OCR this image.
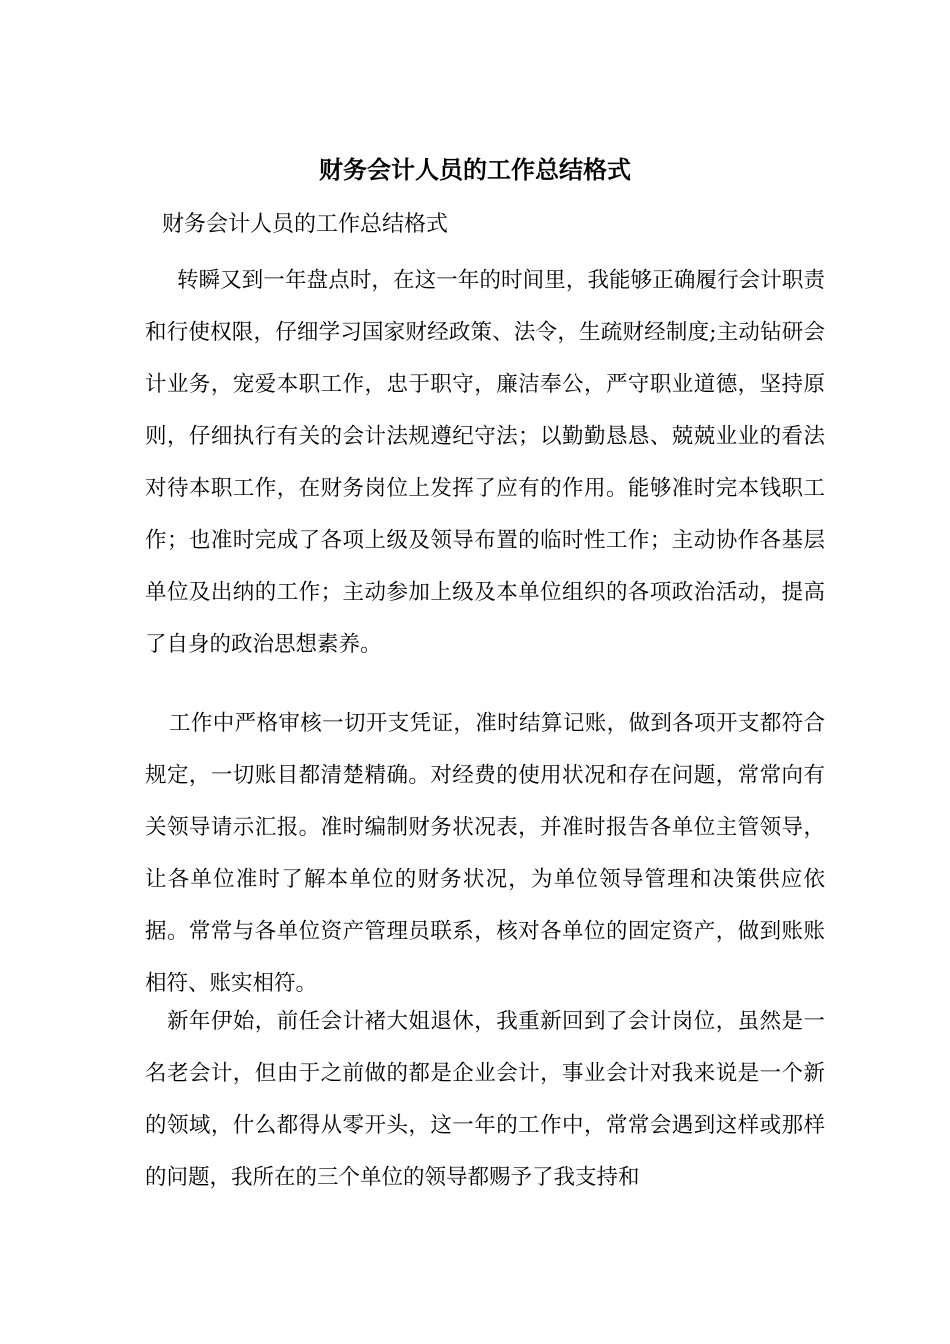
财务会计人员的工作总结格式

财务会计人员的工作总结格式

转瞬又到一年盘点时，在这一年的时间里，我能够正确履行会计职责和行使权限，仔细学习国家财经政策、法令，生疏财经制度;主动钻研会计业务，宠爱本职工作，忠于职守，廉洁奉公，严守职业道德，坚持原则，仔细执行有关的会计法规遵纪守法；以勤勤恳恳、兢兢业业的看法对待本职工作，在财务岗位上发挥了应有的作用。能够准时完本钱职工作；也准时完成了各项上级及领导布置的临时性工作；主动协作各基层单位及出纳的工作；主动参加上级及本单位组织的各项政治活动，提高了自身的政治思想素养。

工作中严格审核一切开支凭证，准时结算记账，做到各项开支都符合规定，一切账目都清楚精确。对经费的使用状况和存在问题，常常向有关领导请示汇报。准时编制财务状况表，并准时报告各单位主管领导，让各单位准时了解本单位的财务状况，为单位领导管理和决策供应依据。常常与各单位资产管理员联系，核对各单位的固定资产，做到账账相符、账实相符。

新年伊始，前任会计褚大姐退休，我重新回到了会计岗位，虽然是一名老会计，但由于之前做的都是企业会计，事业会计对我来说是一个新的领域，什么都得从零开头，这一年的工作中，常常会遇到这样或那样的问题，我所在的三个单位的领导都赐予了我支持和
